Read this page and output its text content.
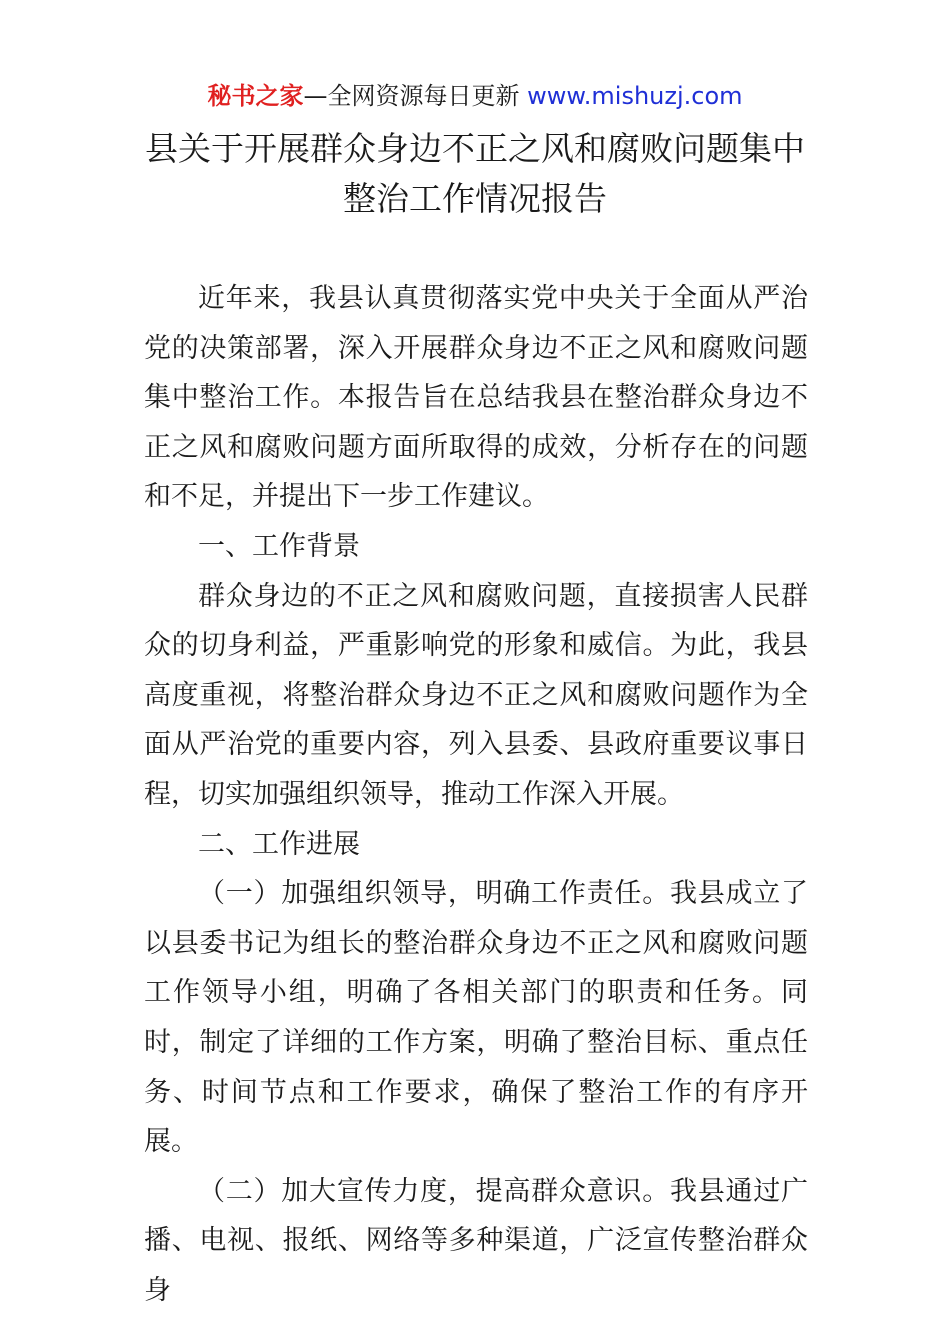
秘书之家—全网资源每日更新 www.mishuzj.com
县关于开展群众身边不正之风和腐败问题集中
整治工作情况报告

近年来，我县认真贯彻落实党中央关于全面从严治党的决策部署，深入开展群众身边不正之风和腐败问题集中整治工作。本报告旨在总结我县在整治群众身边不正之风和腐败问题方面所取得的成效，分析存在的问题和不足，并提出下一步工作建议。

一、工作背景

群众身边的不正之风和腐败问题，直接损害人民群众的切身利益，严重影响党的形象和威信。为此，我县高度重视，将整治群众身边不正之风和腐败问题作为全面从严治党的重要内容，列入县委、县政府重要议事日程，切实加强组织领导，推动工作深入开展。

二、工作进展

（一）加强组织领导，明确工作责任。我县成立了以县委书记为组长的整治群众身边不正之风和腐败问题工作领导小组，明确了各相关部门的职责和任务。同时，制定了详细的工作方案，明确了整治目标、重点任务、时间节点和工作要求，确保了整治工作的有序开展。

（二）加大宣传力度，提高群众意识。我县通过广播、电视、报纸、网络等多种渠道，广泛宣传整治群众身
